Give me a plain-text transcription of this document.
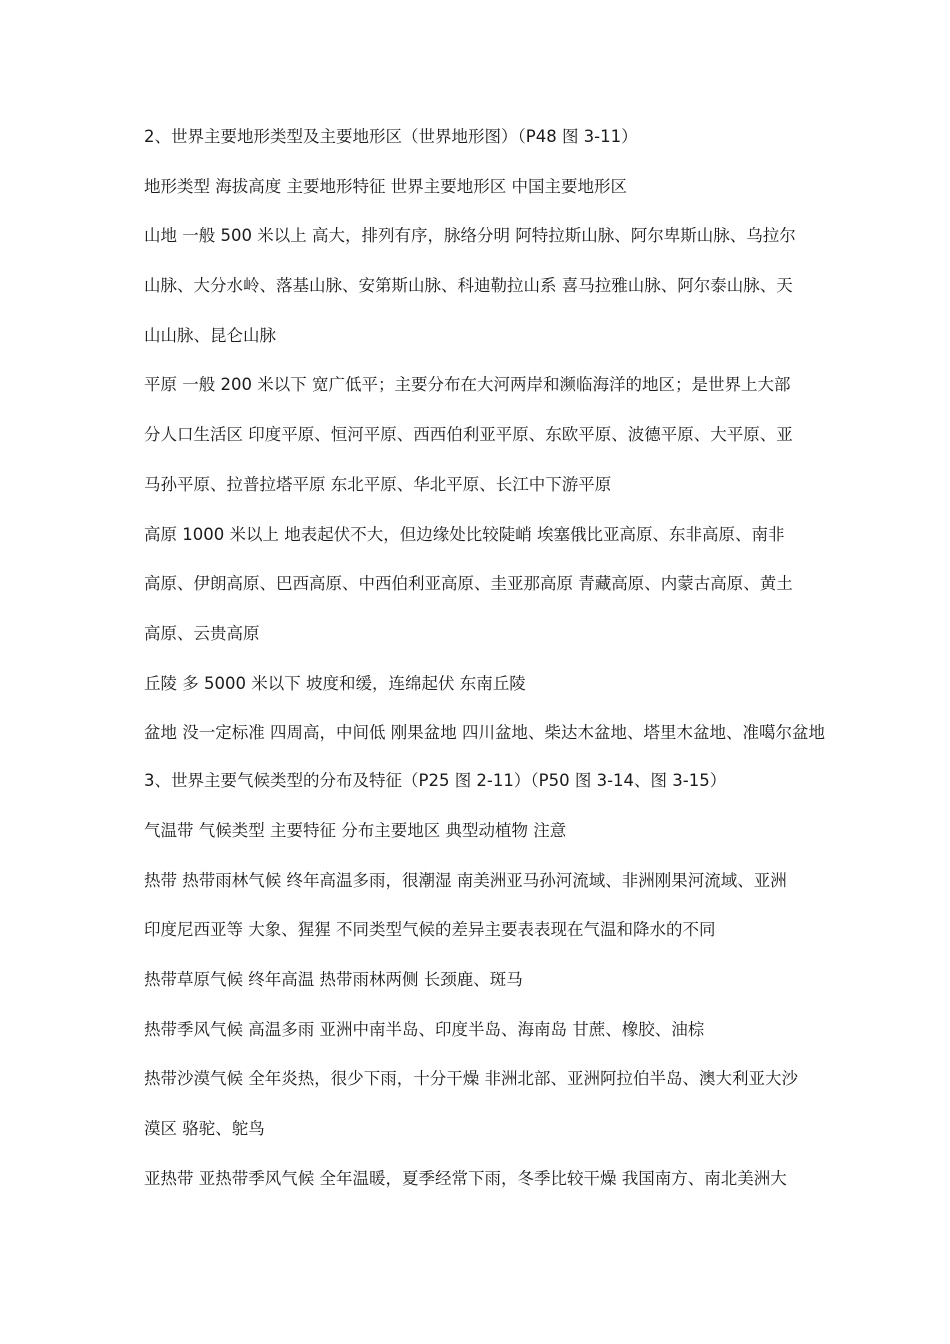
2、世界主要地形类型及主要地形区（世界地形图）（P48 图 3-11）
地形类型 海拔高度 主要地形特征 世界主要地形区 中国主要地形区
山地 一般 500 米以上 高大，排列有序，脉络分明 阿特拉斯山脉、阿尔卑斯山脉、乌拉尔
山脉、大分水岭、落基山脉、安第斯山脉、科迪勒拉山系 喜马拉雅山脉、阿尔泰山脉、天
山山脉、昆仑山脉
平原 一般 200 米以下 宽广低平；主要分布在大河两岸和濒临海洋的地区；是世界上大部
分人口生活区 印度平原、恒河平原、西西伯利亚平原、东欧平原、波德平原、大平原、亚
马孙平原、拉普拉塔平原 东北平原、华北平原、长江中下游平原
高原 1000 米以上 地表起伏不大，但边缘处比较陡峭 埃塞俄比亚高原、东非高原、南非
高原、伊朗高原、巴西高原、中西伯利亚高原、圭亚那高原 青藏高原、内蒙古高原、黄土
高原、云贵高原
丘陵 多 5000 米以下 坡度和缓，连绵起伏 东南丘陵
盆地 没一定标准 四周高，中间低 刚果盆地 四川盆地、柴达木盆地、塔里木盆地、准噶尔盆地
3、世界主要气候类型的分布及特征（P25 图 2-11）（P50 图 3-14、图 3-15）
气温带 气候类型 主要特征 分布主要地区 典型动植物 注意
热带 热带雨林气候 终年高温多雨，很潮湿 南美洲亚马孙河流域、非洲刚果河流域、亚洲
印度尼西亚等 大象、猩猩 不同类型气候的差异主要表表现在气温和降水的不同
热带草原气候 终年高温 热带雨林两侧 长颈鹿、斑马
热带季风气候 高温多雨 亚洲中南半岛、印度半岛、海南岛 甘蔗、橡胶、油棕
热带沙漠气候 全年炎热，很少下雨，十分干燥 非洲北部、亚洲阿拉伯半岛、澳大利亚大沙
漠区 骆驼、鸵鸟
亚热带 亚热带季风气候 全年温暖，夏季经常下雨，冬季比较干燥 我国南方、南北美洲大
